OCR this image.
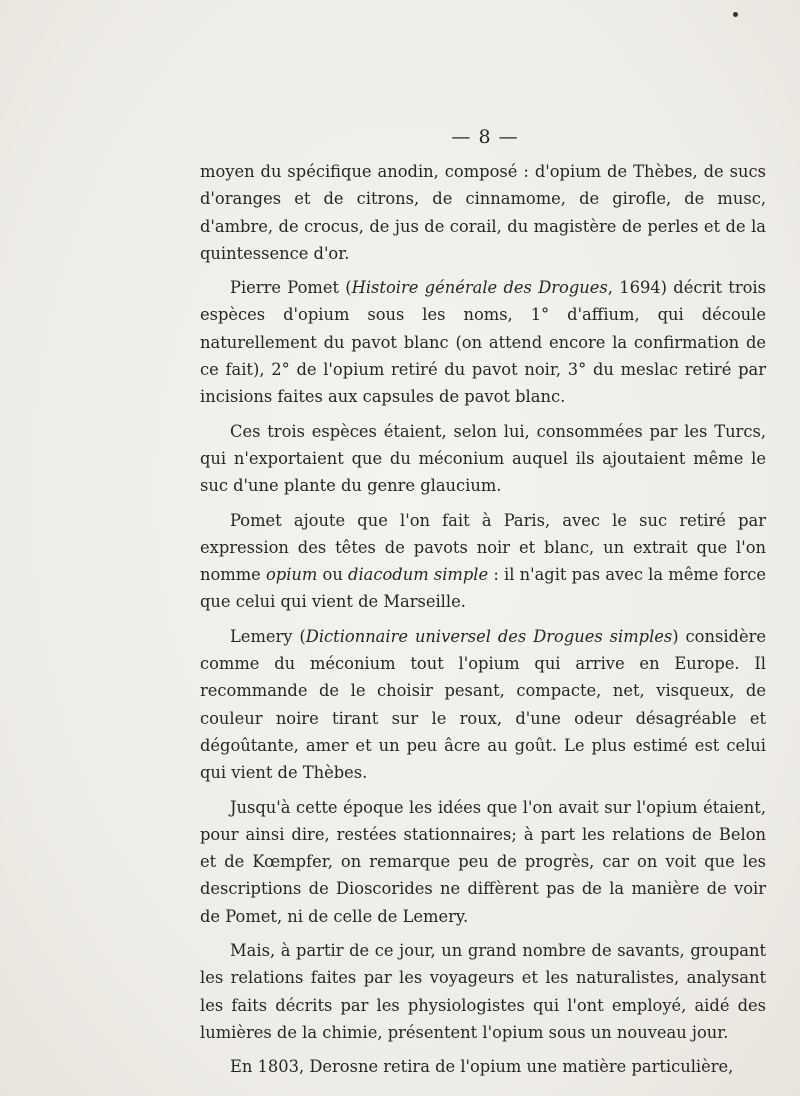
— 8 —

moyen du spécifique anodin, composé : d'opium de Thèbes, de sucs d'oranges et de citrons, de cinnamome, de girofle, de musc, d'ambre, de crocus, de jus de corail, du magistère de perles et de la quintessence d'or.

Pierre Pomet (Histoire générale des Drogues, 1694) décrit trois espèces d'opium sous les noms, 1° d'affium, qui découle naturellement du pavot blanc (on attend encore la confirmation de ce fait), 2° de l'opium retiré du pavot noir, 3° du meslac retiré par incisions faites aux capsules de pavot blanc.

Ces trois espèces étaient, selon lui, consommées par les Turcs, qui n'exportaient que du méconium auquel ils ajoutaient même le suc d'une plante du genre glaucium.

Pomet ajoute que l'on fait à Paris, avec le suc retiré par expression des têtes de pavots noir et blanc, un extrait que l'on nomme opium ou diacodum simple : il n'agit pas avec la même force que celui qui vient de Marseille.

Lemery (Dictionnaire universel des Drogues simples) considère comme du méconium tout l'opium qui arrive en Europe. Il recommande de le choisir pesant, compacte, net, visqueux, de couleur noire tirant sur le roux, d'une odeur désagréable et dégoûtante, amer et un peu âcre au goût. Le plus estimé est celui qui vient de Thèbes.

Jusqu'à cette époque les idées que l'on avait sur l'opium étaient, pour ainsi dire, restées stationnaires; à part les relations de Belon et de Kœmpfer, on remarque peu de progrès, car on voit que les descriptions de Dioscorides ne diffèrent pas de la manière de voir de Pomet, ni de celle de Lemery.

Mais, à partir de ce jour, un grand nombre de savants, groupant les relations faites par les voyageurs et les naturalistes, analysant les faits décrits par les physiologistes qui l'ont employé, aidé des lumières de la chimie, présentent l'opium sous un nouveau jour.

En 1803, Derosne retira de l'opium une matière particulière,
